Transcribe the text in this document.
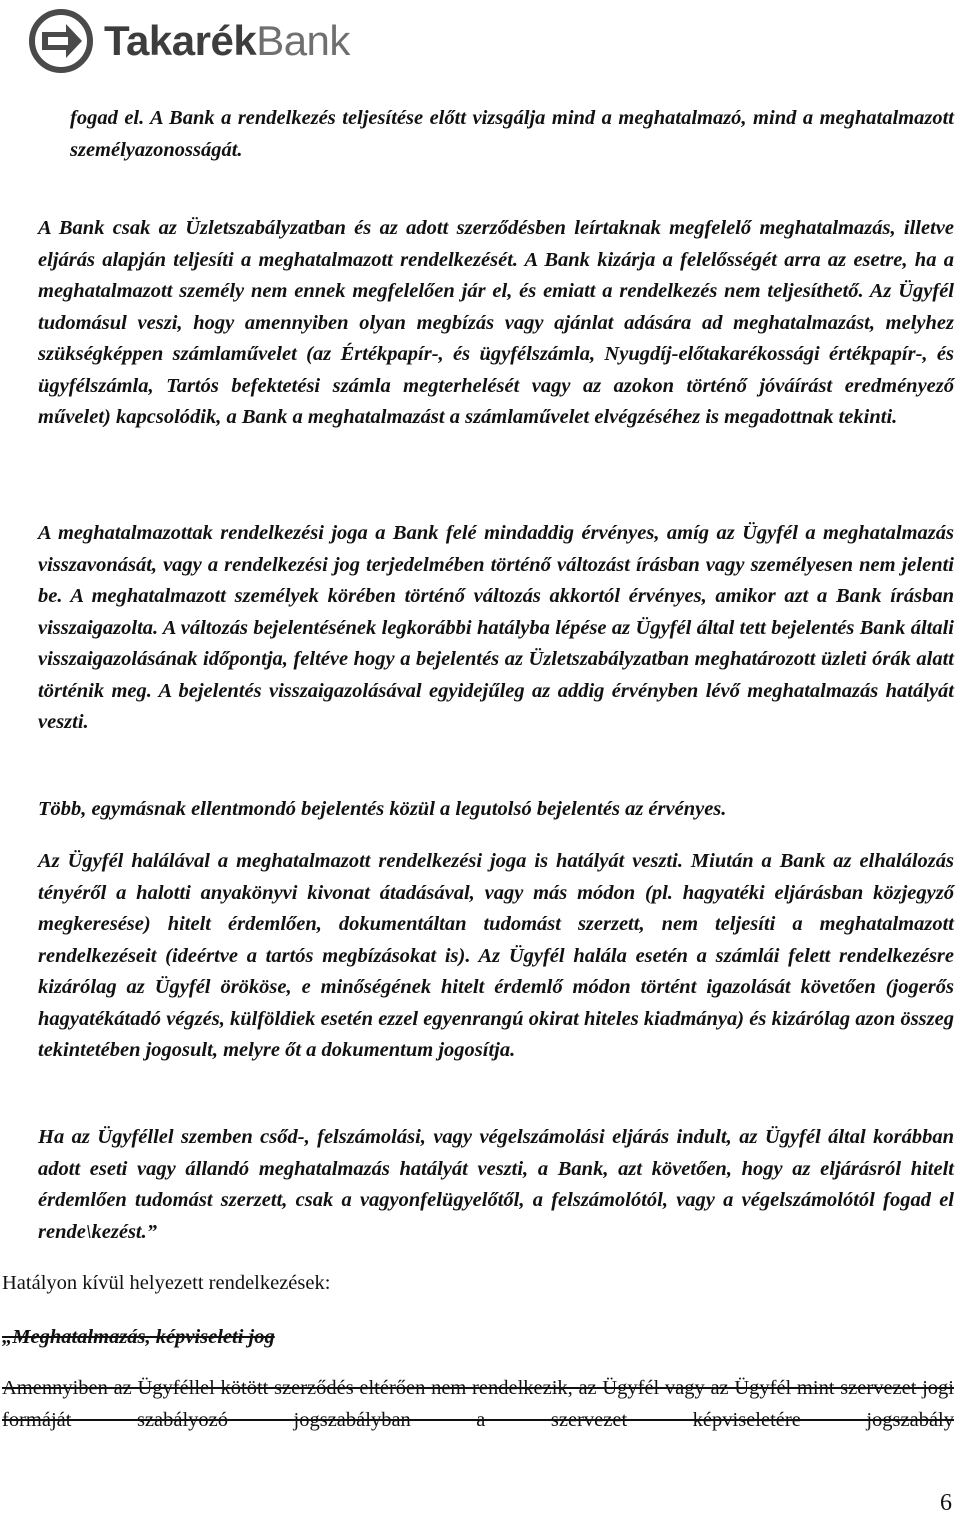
TakarékBank

fogad el. A Bank a rendelkezés teljesítése előtt vizsgálja mind a meghatalmazó, mind a meghatalmazott személyazonosságát.

A Bank csak az Üzletszabályzatban és az adott szerződésben leírtaknak megfelelő meghatalmazás, illetve eljárás alapján teljesíti a meghatalmazott rendelkezését. A Bank kizárja a felelősségét arra az esetre, ha a meghatalmazott személy nem ennek megfelelően jár el, és emiatt a rendelkezés nem teljesíthető. Az Ügyfél tudomásul veszi, hogy amennyiben olyan megbízás vagy ajánlat adására ad meghatalmazást, melyhez szükségképpen számlaművelet (az Értékpapír-, és ügyfélszámla, Nyugdíj-előtakarékossági értékpapír-, és ügyfélszámla, Tartós befektetési számla megterhelését vagy az azokon történő jóváírást eredményező művelet) kapcsolódik, a Bank a meghatalmazást a számlaművelet elvégzéséhez is megadottnak tekinti.

A meghatalmazottak rendelkezési joga a Bank felé mindaddig érvényes, amíg az Ügyfél a meghatalmazás visszavonását, vagy a rendelkezési jog terjedelmében történő változást írásban vagy személyesen nem jelenti be. A meghatalmazott személyek körében történő változás akkortól érvényes, amikor azt a Bank írásban visszaigazolta. A változás bejelentésének legkorábbi hatályba lépése az Ügyfél által tett bejelentés Bank általi visszaigazolásának időpontja, feltéve hogy a bejelentés az Üzletszabályzatban meghatározott üzleti órák alatt történik meg. A bejelentés visszaigazolásával egyidejűleg az addig érvényben lévő meghatalmazás hatályát veszti.

Több, egymásnak ellentmondó bejelentés közül a legutolsó bejelentés az érvényes.

Az Ügyfél halálával a meghatalmazott rendelkezési joga is hatályát veszti. Miután a Bank az elhalálozás tényéről a halotti anyakönyvi kivonat átadásával, vagy más módon (pl. hagyatéki eljárásban közjegyző megkeresése) hitelt érdemlően, dokumentáltan tudomást szerzett, nem teljesíti a meghatalmazott rendelkezéseit (ideértve a tartós megbízásokat is). Az Ügyfél halála esetén a számlái felett rendelkezésre kizárólag az Ügyfél örököse, e minőségének hitelt érdemlő módon történt igazolását követően (jogerős hagyatékátadó végzés, külföldiek esetén ezzel egyenrangú okirat hiteles kiadmánya) és kizárólag azon összeg tekintetében jogosult, melyre őt a dokumentum jogosítja.

Ha az Ügyféllel szemben csőd-, felszámolási, vagy végelszámolási eljárás indult, az Ügyfél által korábban adott eseti vagy állandó meghatalmazás hatályát veszti, a Bank, azt követően, hogy az eljárásról hitelt érdemlően tudomást szerzett, csak a vagyonfelügyelőtől, a felszámolótól, vagy a végelszámolótól fogad el rende\kezést.”

Hatályon kívül helyezett rendelkezések:

„Meghatalmazás, képviseleti jog

Amennyiben az Ügyféllel kötött szerződés eltérően nem rendelkezik, az Ügyfél vagy az Ügyfél mint szervezet jogi formáját szabályozó jogszabályban a szervezet képviseletére jogszabály

6
